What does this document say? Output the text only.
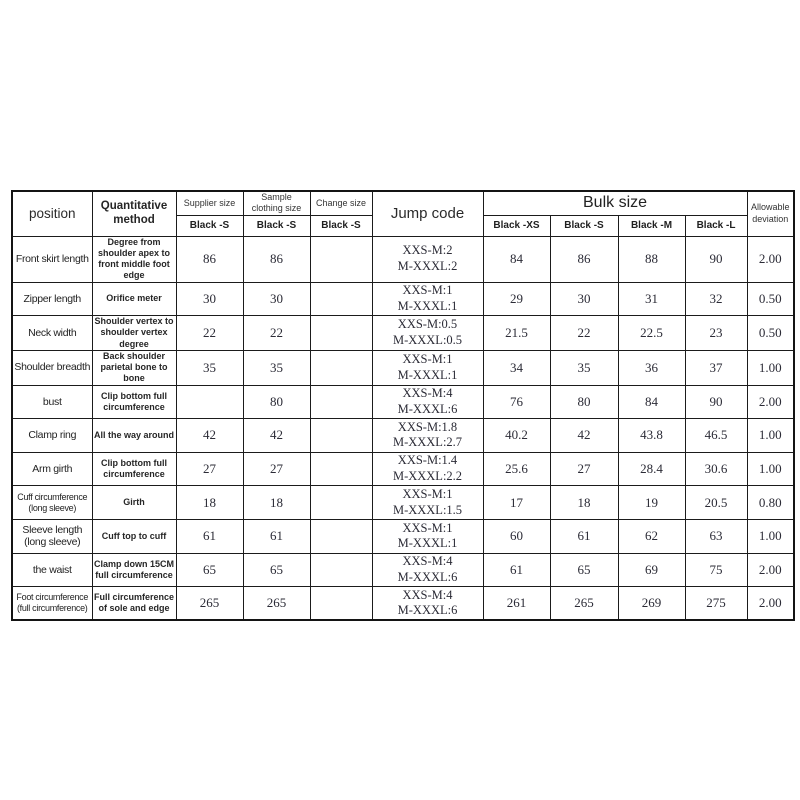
position	Quantitative method	Supplier size	Sample clothing size	Change size	Jump code	Bulk size				Allowable deviation
		Black -S	Black -S	Black -S		Black -XS	Black -S	Black -M	Black -L	
Front skirt length	Degree from shoulder apex to front middle foot edge	86	86		XXS-M:2
M-XXXL:2	84	86	88	90	2.00
Zipper length	Orifice meter	30	30		XXS-M:1
M-XXXL:1	29	30	31	32	0.50
Neck width	Shoulder vertex to shoulder vertex degree	22	22		XXS-M:0.5
M-XXXL:0.5	21.5	22	22.5	23	0.50
Shoulder breadth	Back shoulder parietal bone to bone	35	35		XXS-M:1
M-XXXL:1	34	35	36	37	1.00
bust	Clip bottom full circumference		80		XXS-M:4
M-XXXL:6	76	80	84	90	2.00
Clamp ring	All the way around	42	42		XXS-M:1.8
M-XXXL:2.7	40.2	42	43.8	46.5	1.00
Arm girth	Clip bottom full circumference	27	27		XXS-M:1.4
M-XXXL:2.2	25.6	27	28.4	30.6	1.00
Cuff circumference (long sleeve)	Girth	18	18		XXS-M:1
M-XXXL:1.5	17	18	19	20.5	0.80
Sleeve length (long sleeve)	Cuff top to cuff	61	61		XXS-M:1
M-XXXL:1	60	61	62	63	1.00
the waist	Clamp down 15CM full circumference	65	65		XXS-M:4
M-XXXL:6	61	65	69	75	2.00
Foot circumference (full circumference)	Full circumference of sole and edge	265	265		XXS-M:4
M-XXXL:6	261	265	269	275	2.00
